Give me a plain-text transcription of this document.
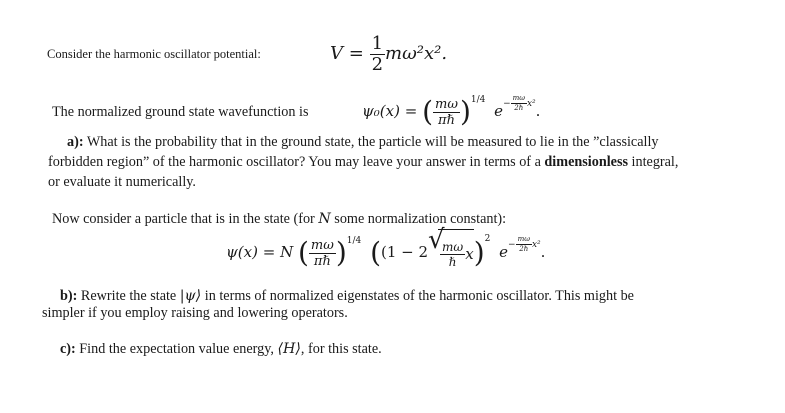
Consider the harmonic oscillator potential:	$V = \frac{1}{2} m\omega^2x^2$.
The normalized ground state wavefunction is	ψ₀(x) = ( $\frac{m\omega}{\text{πℏ}} )1/4$ $e- \frac{m\omega}{\text{2ℏ}} x^2$.
a): What is the probability that in the ground state, the particle will be measured to lie in the ”classically
forbidden region” of the harmonic oscillator? You may leave your answer in terms of a dimensionless integral,
or evaluate it numerically.
Now consider a particle that is in the state (for N some normalization constant):
ψ(x) = N ( $\frac{m\omega}{\text{πℏ}} )1/4$ ((1 − 2 √
$\frac{m\omega}{\text{ℏ}} x)2$ $e- \frac{m\omega}{\text{2ℏ}} x^2$.
b): Rewrite the state |ψ⟩ in terms of normalized eigenstates of the harmonic oscillator. This might be
simpler if you employ raising and lowering operators.
c): Find the expectation value energy, ⟨H⟩, for this state.
